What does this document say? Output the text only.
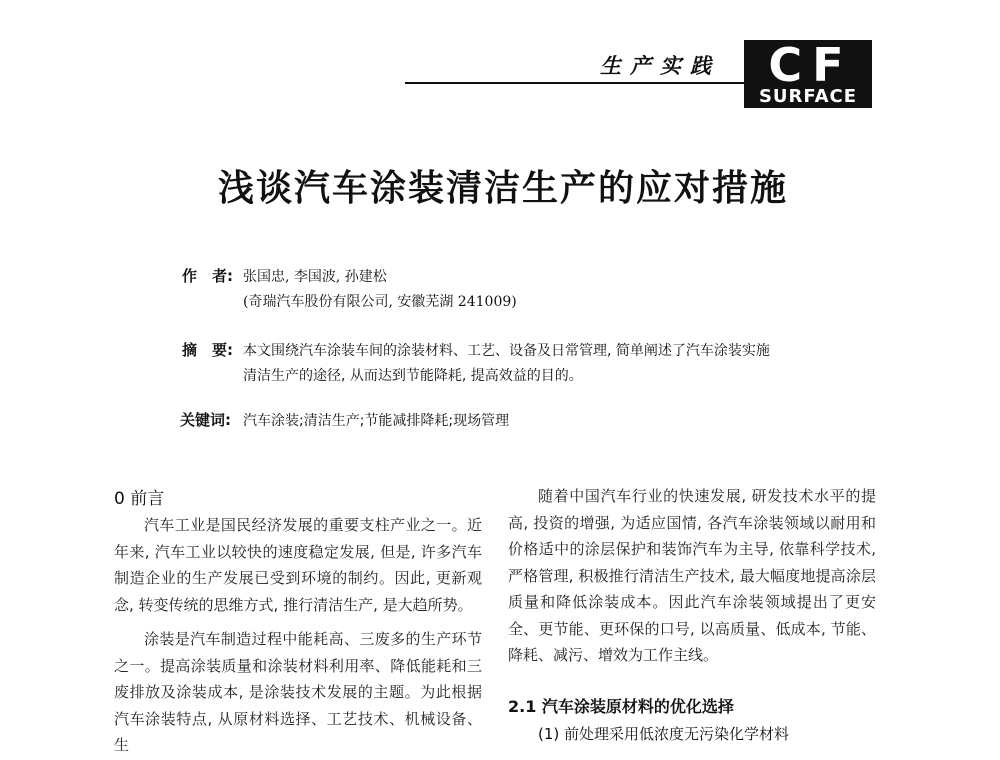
生产实践	CF
SURFACE
浅谈汽车涂装清洁生产的应对措施
作　者: 张国忠, 李国波, 孙建松
(奇瑞汽车股份有限公司, 安徽芜湖 241009)
摘　要: 本文围绕汽车涂装车间的涂装材料、工艺、设备及日常管理, 简单阐述了汽车涂装实施
清洁生产的途径, 从而达到节能降耗, 提高效益的目的。
关键词: 汽车涂装;清洁生产;节能减排降耗;现场管理
0 前言

汽车工业是国民经济发展的重要支柱产业之一。近年来, 汽车工业以较快的速度稳定发展, 但是, 许多汽车制造企业的生产发展已受到环境的制约。因此, 更新观念, 转变传统的思维方式, 推行清洁生产, 是大趋所势。

涂装是汽车制造过程中能耗高、三废多的生产环节之一。提高涂装质量和涂装材料利用率、降低能耗和三废排放及涂装成本, 是涂装技术发展的主题。为此根据汽车涂装特点, 从原材料选择、工艺技术、机械设备、生

随着中国汽车行业的快速发展, 研发技术水平的提高, 投资的增强, 为适应国情, 各汽车涂装领域以耐用和价格适中的涂层保护和装饰汽车为主导, 依靠科学技术, 严格管理, 积极推行清洁生产技术, 最大幅度地提高涂层质量和降低涂装成本。因此汽车涂装领域提出了更安全、更节能、更环保的口号, 以高质量、低成本, 节能、降耗、减污、增效为工作主线。

2.1 汽车涂装原材料的优化选择
(1) 前处理采用低浓度无污染化学材料
